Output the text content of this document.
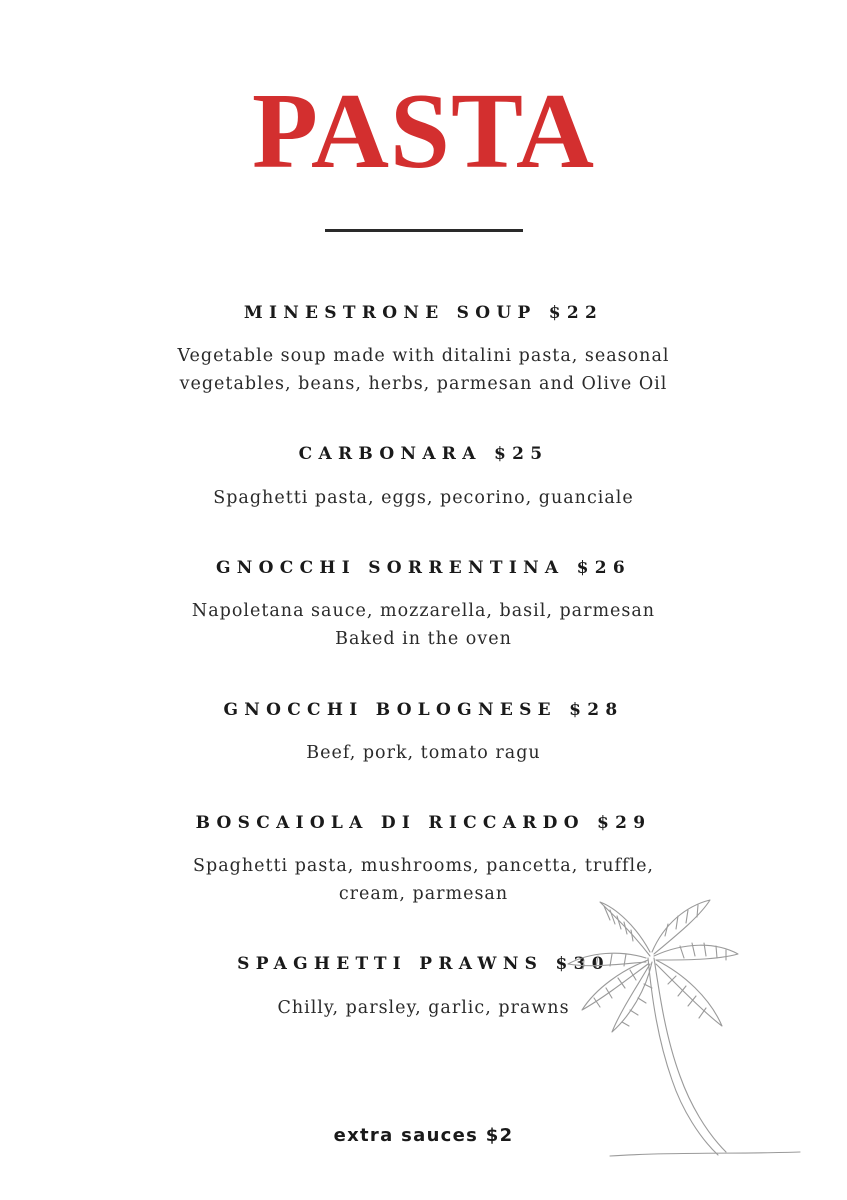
PASTA
MINESTRONE SOUP $22
Vegetable soup made with ditalini pasta, seasonal
vegetables, beans, herbs, parmesan and Olive Oil
CARBONARA $25
Spaghetti pasta, eggs, pecorino, guanciale
GNOCCHI SORRENTINA $26
Napoletana sauce, mozzarella, basil, parmesan
Baked in the oven
GNOCCHI BOLOGNESE $28
Beef, pork, tomato ragu
BOSCAIOLA DI RICCARDO $29
Spaghetti pasta, mushrooms, pancetta, truffle,
cream, parmesan
SPAGHETTI PRAWNS $30
Chilly, parsley, garlic, prawns
extra sauces $2
